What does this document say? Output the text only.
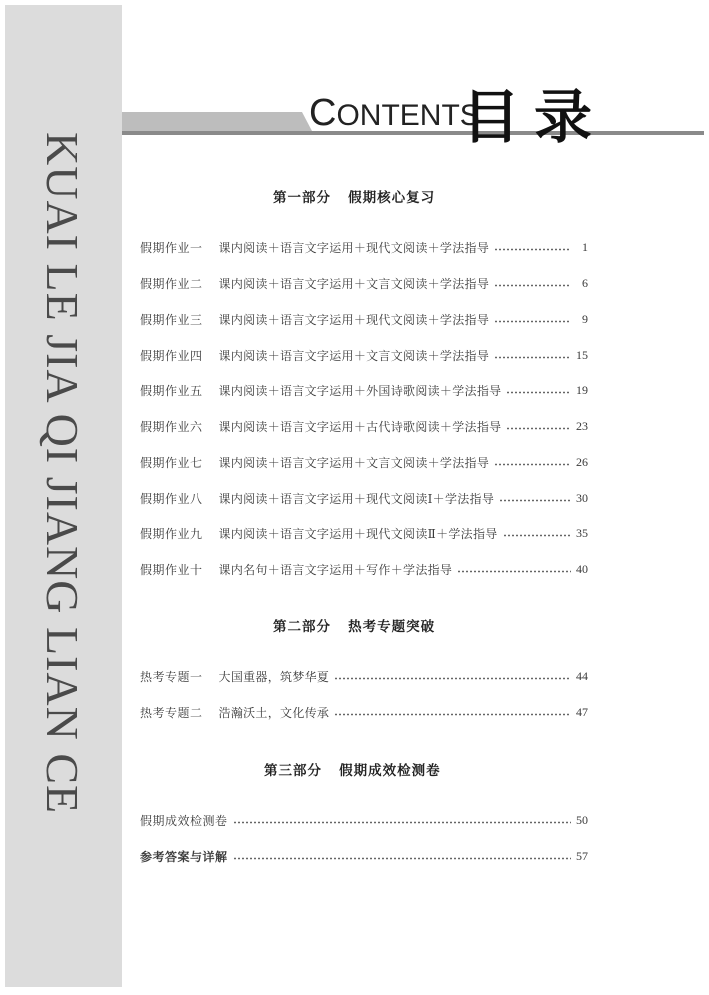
KUAI LE JIA QI JIANG LIAN CE
CONTENTS
目录
第一部分   假期核心复习
假期作业一 课内阅读＋语言文字运用＋现代文阅读＋学法指导	1
假期作业二 课内阅读＋语言文字运用＋文言文阅读＋学法指导	6
假期作业三 课内阅读＋语言文字运用＋现代文阅读＋学法指导	9
假期作业四 课内阅读＋语言文字运用＋文言文阅读＋学法指导	15
假期作业五 课内阅读＋语言文字运用＋外国诗歌阅读＋学法指导	19
假期作业六 课内阅读＋语言文字运用＋古代诗歌阅读＋学法指导	23
假期作业七 课内阅读＋语言文字运用＋文言文阅读＋学法指导	26
假期作业八 课内阅读＋语言文字运用＋现代文阅读Ⅰ＋学法指导	30
假期作业九 课内阅读＋语言文字运用＋现代文阅读Ⅱ＋学法指导	35
假期作业十 课内名句＋语言文字运用＋写作＋学法指导	40
第二部分   热考专题突破
热考专题一 大国重器，筑梦华夏	44
热考专题二 浩瀚沃土，文化传承	47
第三部分   假期成效检测卷
假期成效检测卷	50
参考答案与详解	57
